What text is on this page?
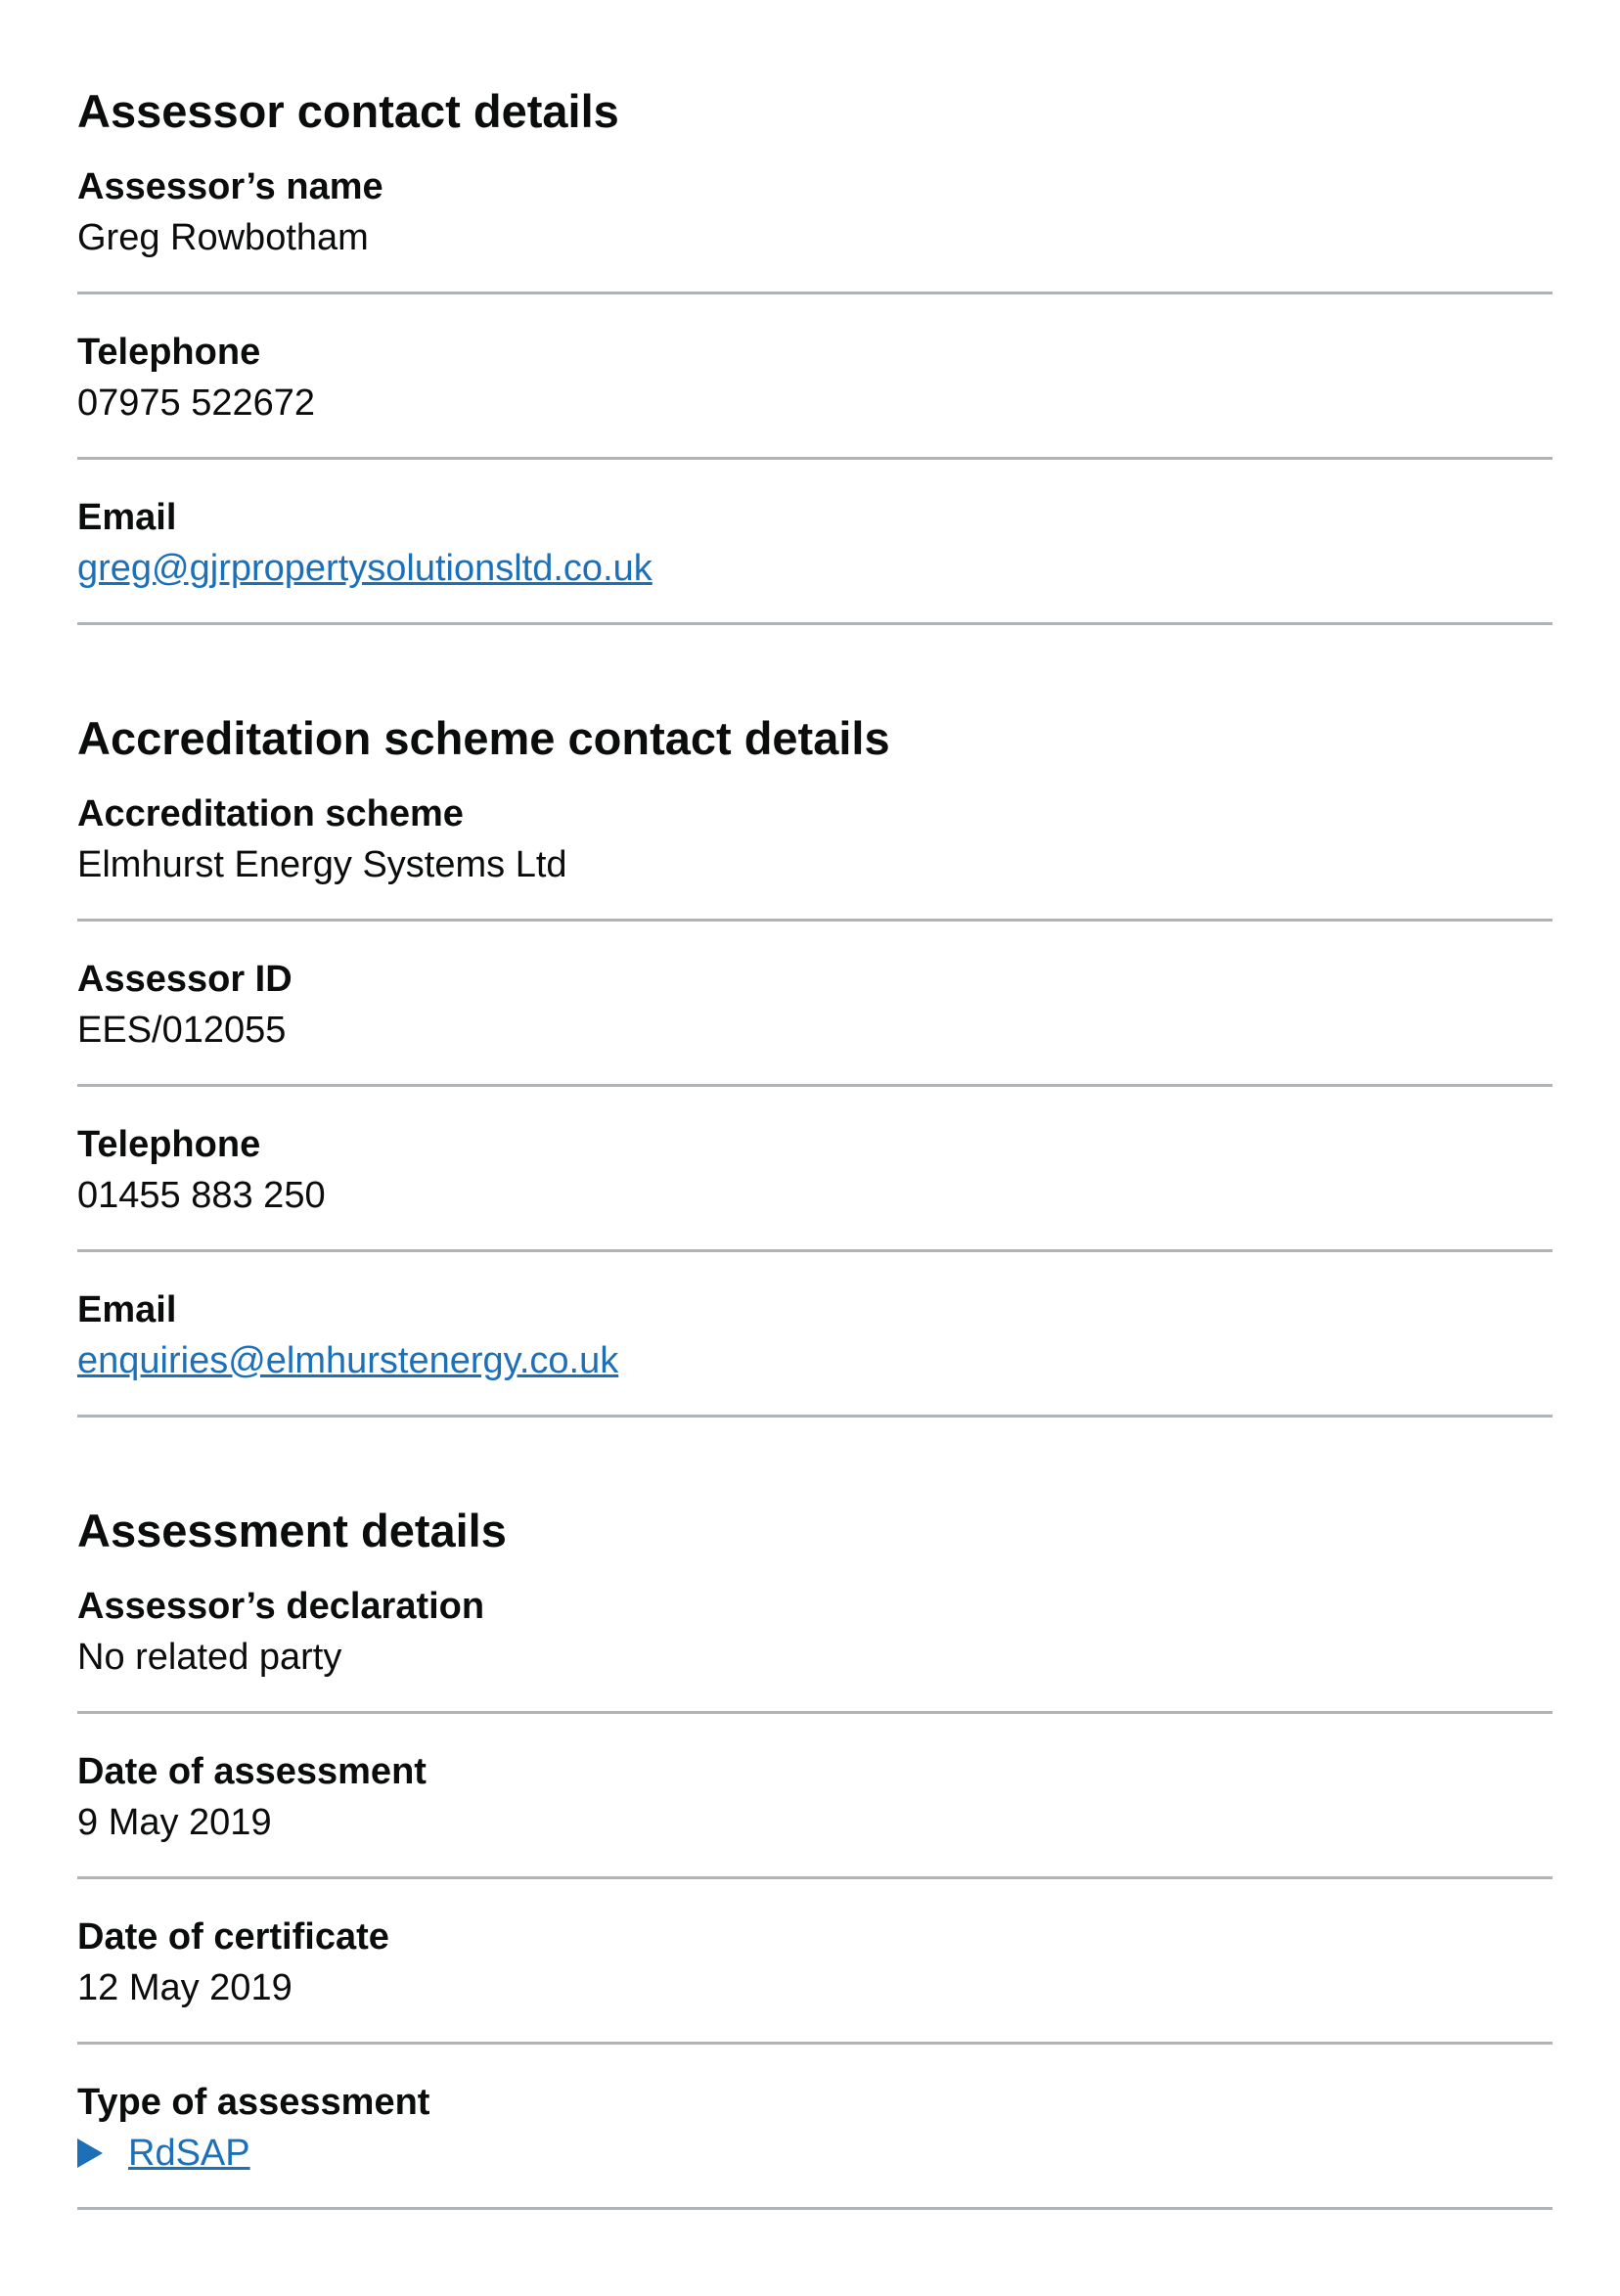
Assessor contact details

Assessor’s name

Greg Rowbotham

Telephone

07975 522672

Email

greg@gjrpropertysolutionsltd.co.uk

Accreditation scheme contact details

Accreditation scheme

Elmhurst Energy Systems Ltd

Assessor ID

EES/012055

Telephone

01455 883 250

Email

enquiries@elmhurstenergy.co.uk

Assessment details

Assessor’s declaration

No related party

Date of assessment

9 May 2019

Date of certificate

12 May 2019

Type of assessment

RdSAP
